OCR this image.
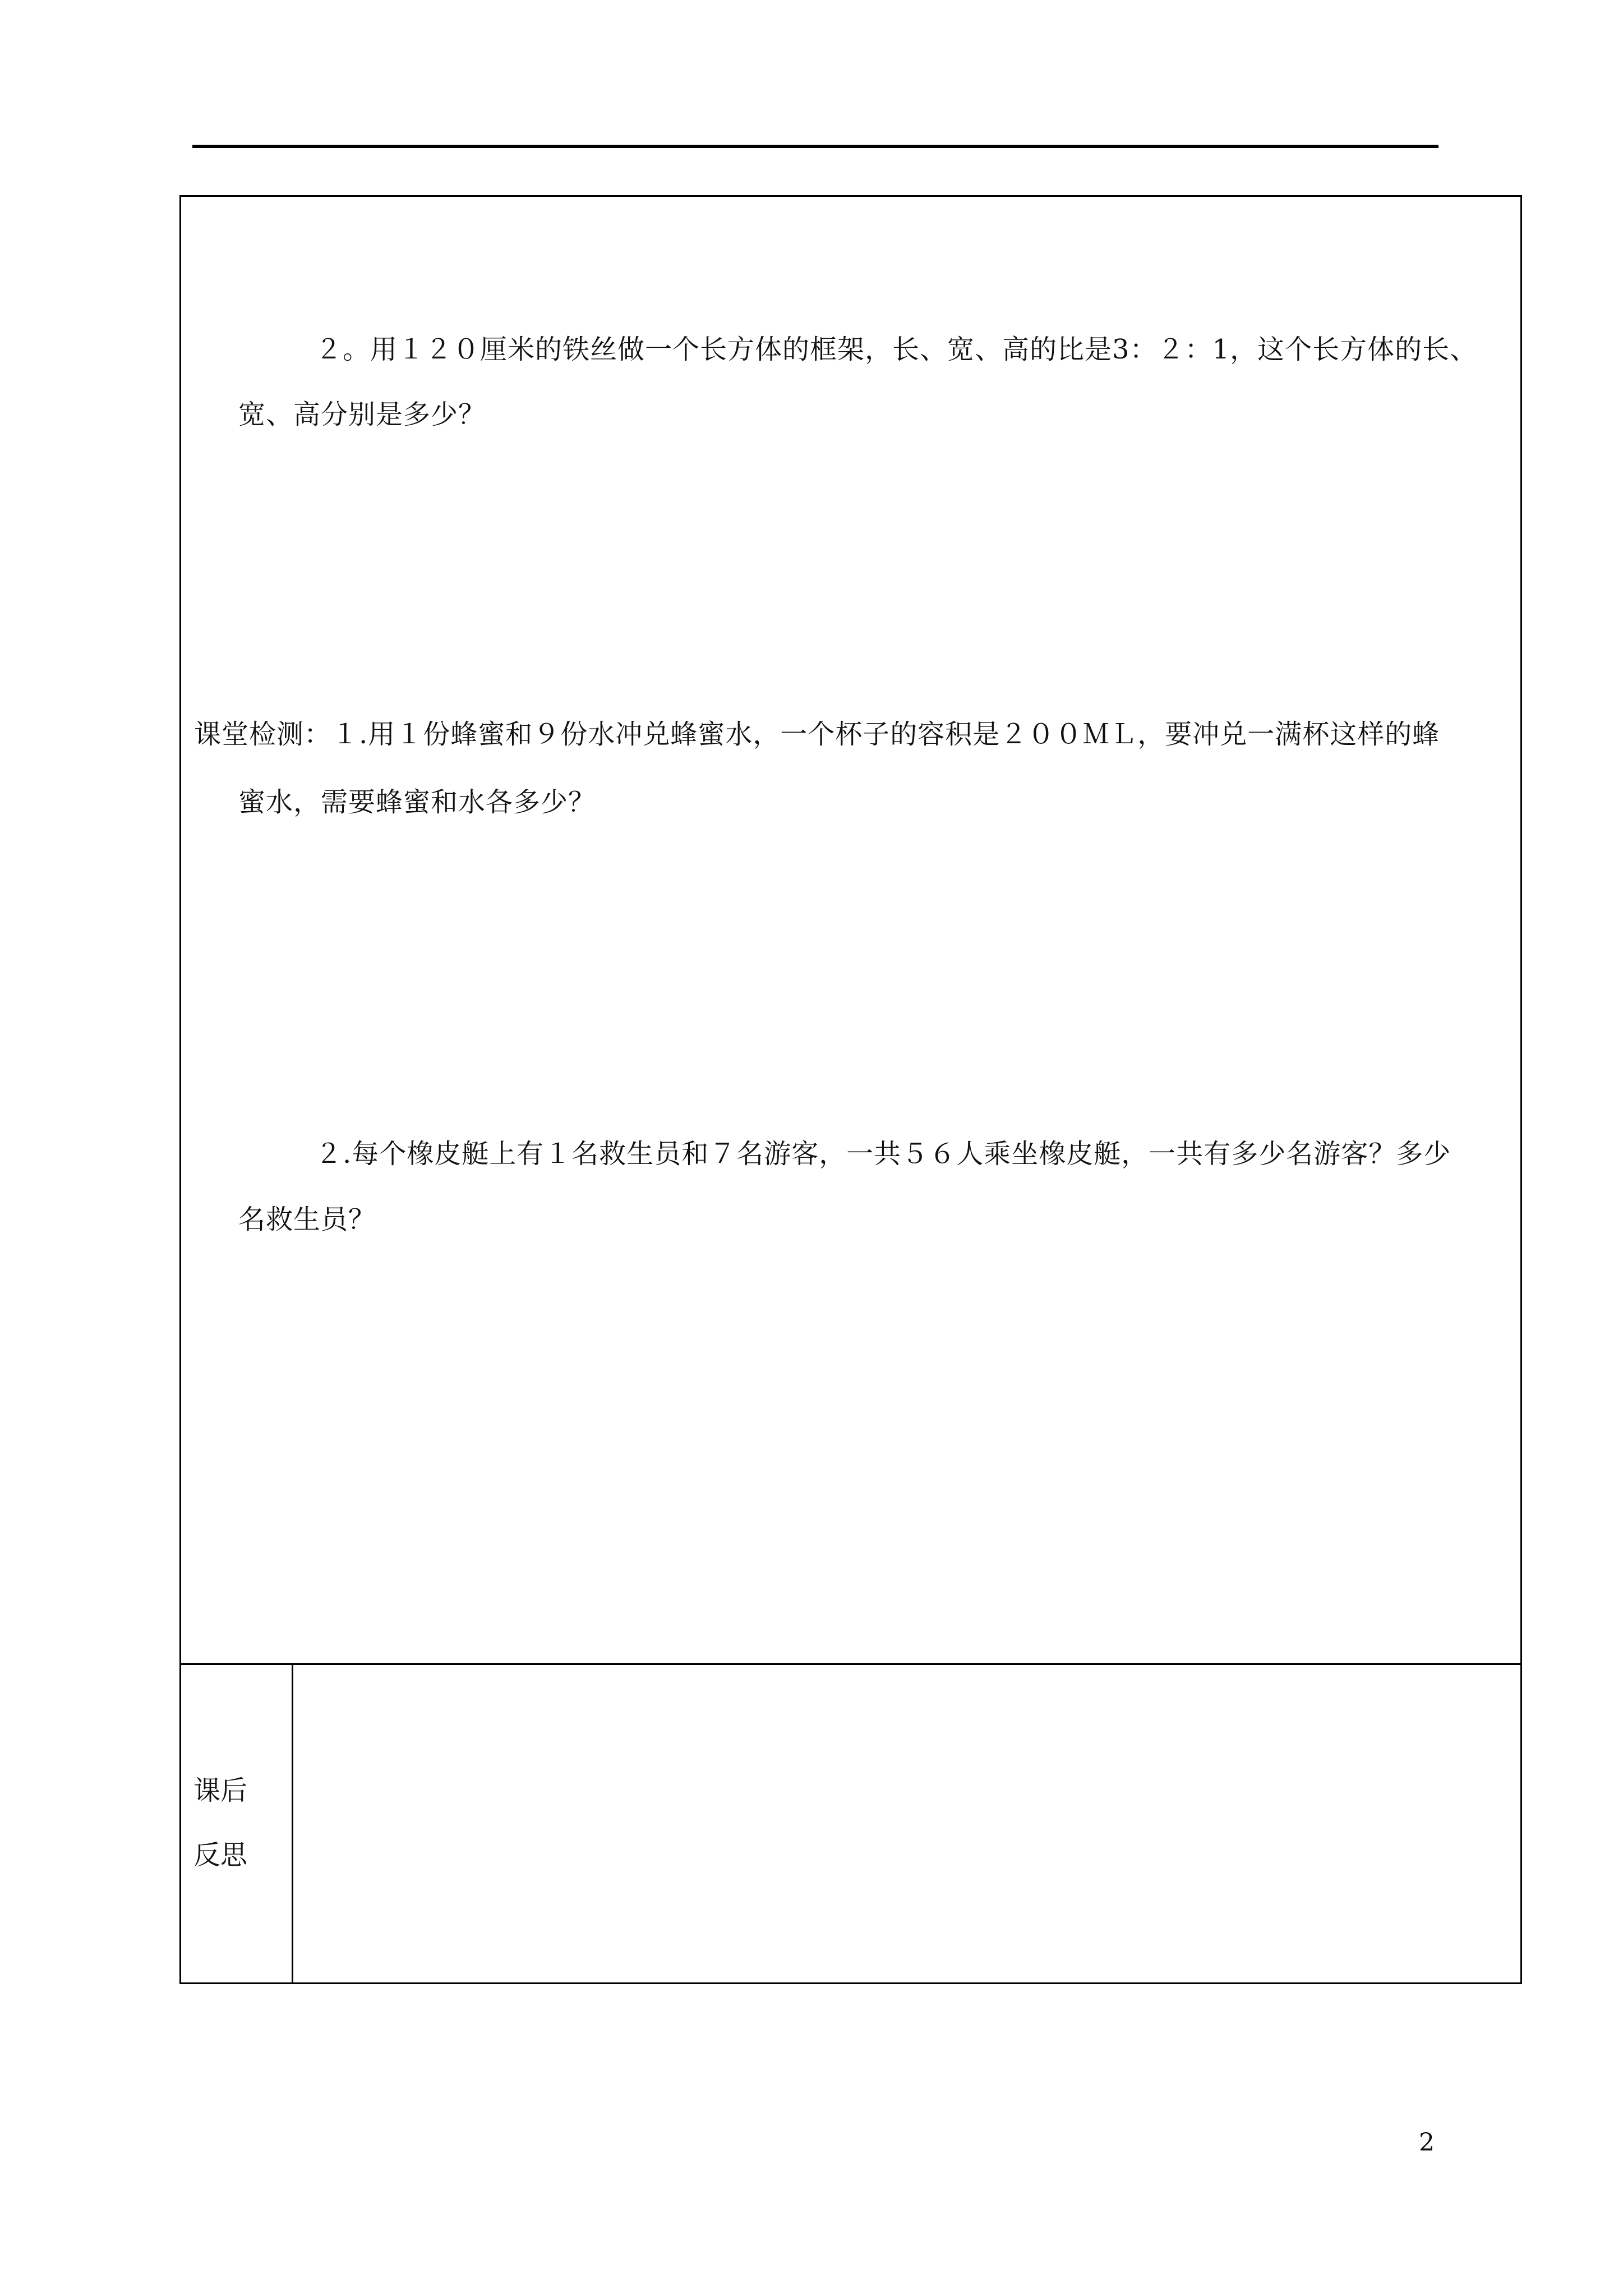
２。用１２０厘米的铁丝做一个长方体的框架，长、宽、高的比是3：２：1，这个长方体的长、
宽、高分别是多少？
课堂检测：１.用１份蜂蜜和９份水冲兑蜂蜜水，一个杯子的容积是２００ＭＬ，要冲兑一满杯这样的蜂
蜜水，需要蜂蜜和水各多少？
２.每个橡皮艇上有１名救生员和７名游客，一共５６人乘坐橡皮艇，一共有多少名游客？多少
名救生员？
课后
反思
2
